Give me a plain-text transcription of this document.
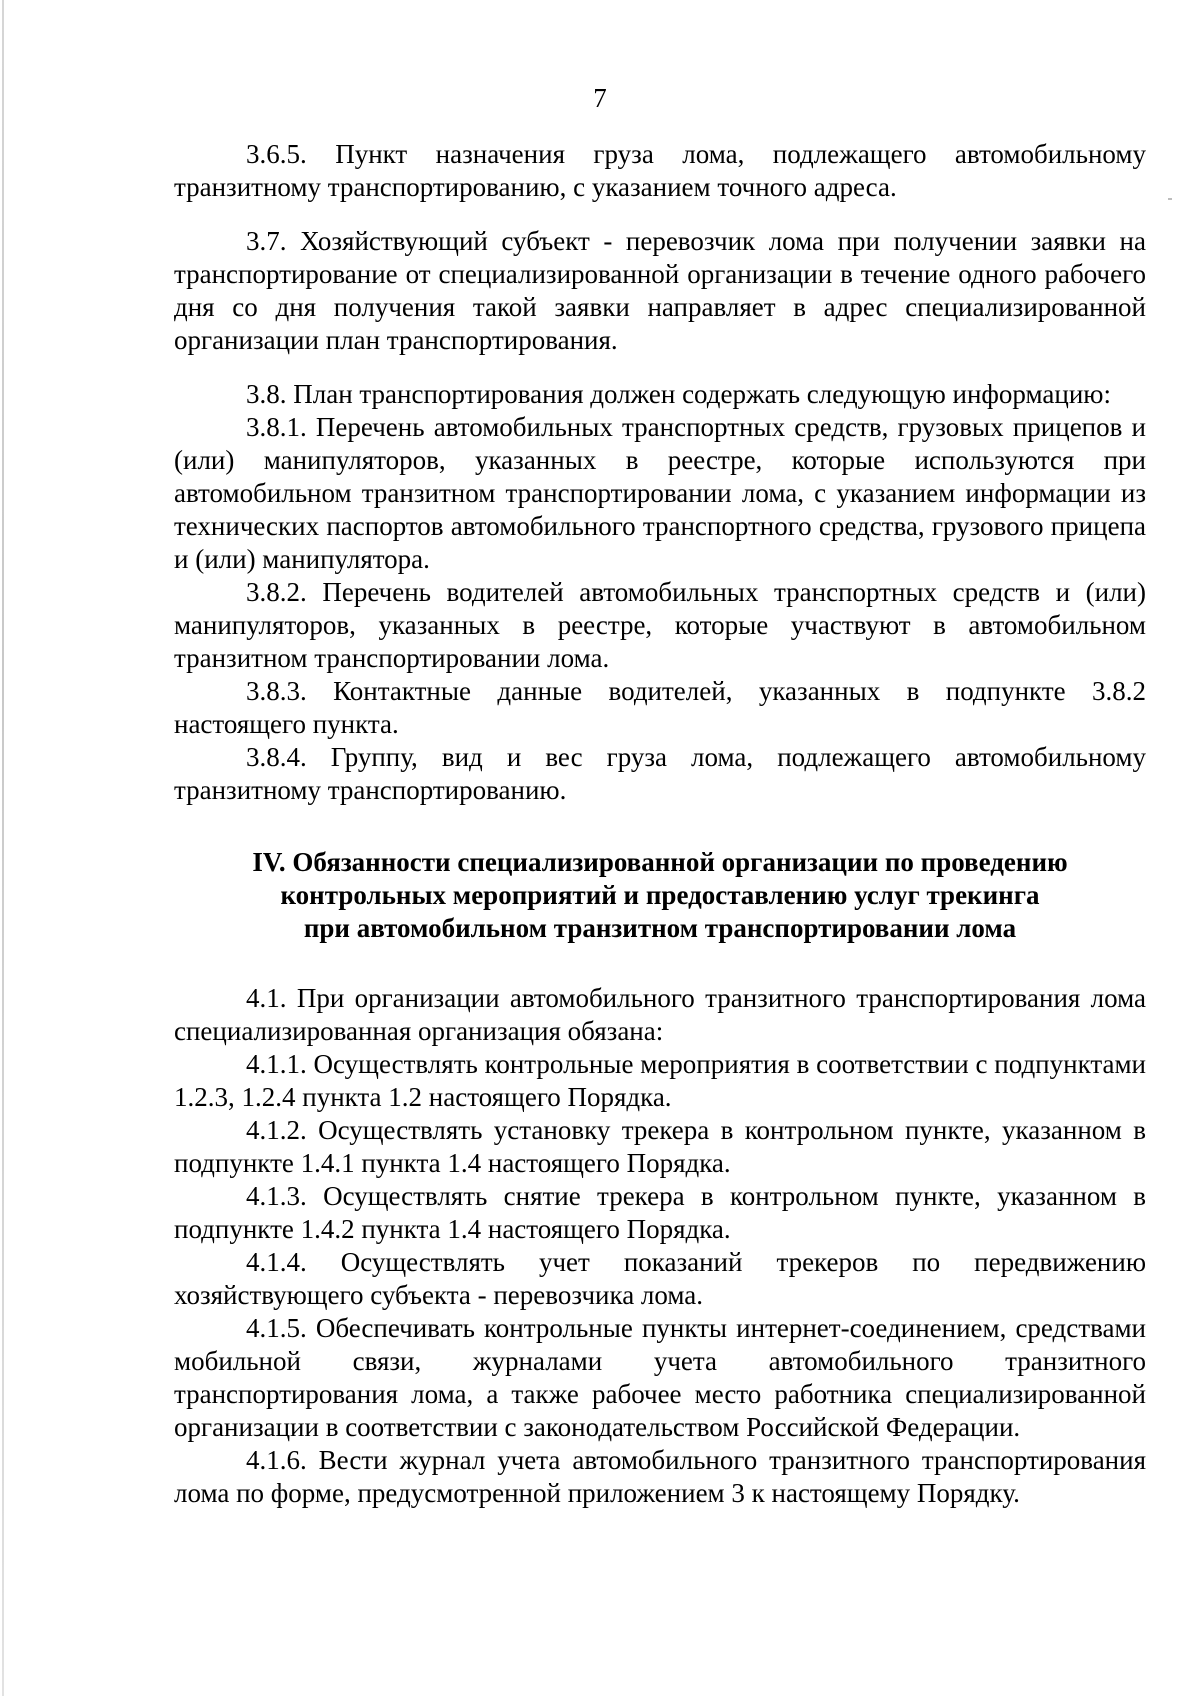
7

3.6.5. Пункт назначения груза лома, подлежащего автомобильному транзитному транспортированию, с указанием точного адреса.

3.7. Хозяйствующий субъект - перевозчик лома при получении заявки на транспортирование от специализированной организации в течение одного рабочего дня со дня получения такой заявки направляет в адрес специализированной организации план транспортирования.

3.8. План транспортирования должен содержать следующую информацию:

3.8.1. Перечень автомобильных транспортных средств, грузовых прицепов и (или) манипуляторов, указанных в реестре, которые используются при автомобильном транзитном транспортировании лома, с указанием информации из технических паспортов автомобильного транспортного средства, грузового прицепа и (или) манипулятора.

3.8.2. Перечень водителей автомобильных транспортных средств и (или) манипуляторов, указанных в реестре, которые участвуют в автомобильном транзитном транспортировании лома.

3.8.3. Контактные данные водителей, указанных в подпункте 3.8.2 настоящего пункта.

3.8.4. Группу, вид и вес груза лома, подлежащего автомобильному транзитному транспортированию.

IV. Обязанности специализированной организации по проведению
контрольных мероприятий и предоставлению услуг трекинга
при автомобильном транзитном транспортировании лома

4.1. При организации автомобильного транзитного транспортирования лома специализированная организация обязана:

4.1.1. Осуществлять контрольные мероприятия в соответствии с подпунктами 1.2.3, 1.2.4 пункта 1.2 настоящего Порядка.

4.1.2. Осуществлять установку трекера в контрольном пункте, указанном в подпункте 1.4.1 пункта 1.4 настоящего Порядка.

4.1.3. Осуществлять снятие трекера в контрольном пункте, указанном в подпункте 1.4.2 пункта 1.4 настоящего Порядка.

4.1.4. Осуществлять учет показаний трекеров по передвижению хозяйствующего субъекта - перевозчика лома.

4.1.5. Обеспечивать контрольные пункты интернет-соединением, средствами мобильной связи, журналами учета автомобильного транзитного транспортирования лома, а также рабочее место работника специализированной организации в соответствии с законодательством Российской Федерации.

4.1.6. Вести журнал учета автомобильного транзитного транспортирования лома по форме, предусмотренной приложением 3 к настоящему Порядку.
